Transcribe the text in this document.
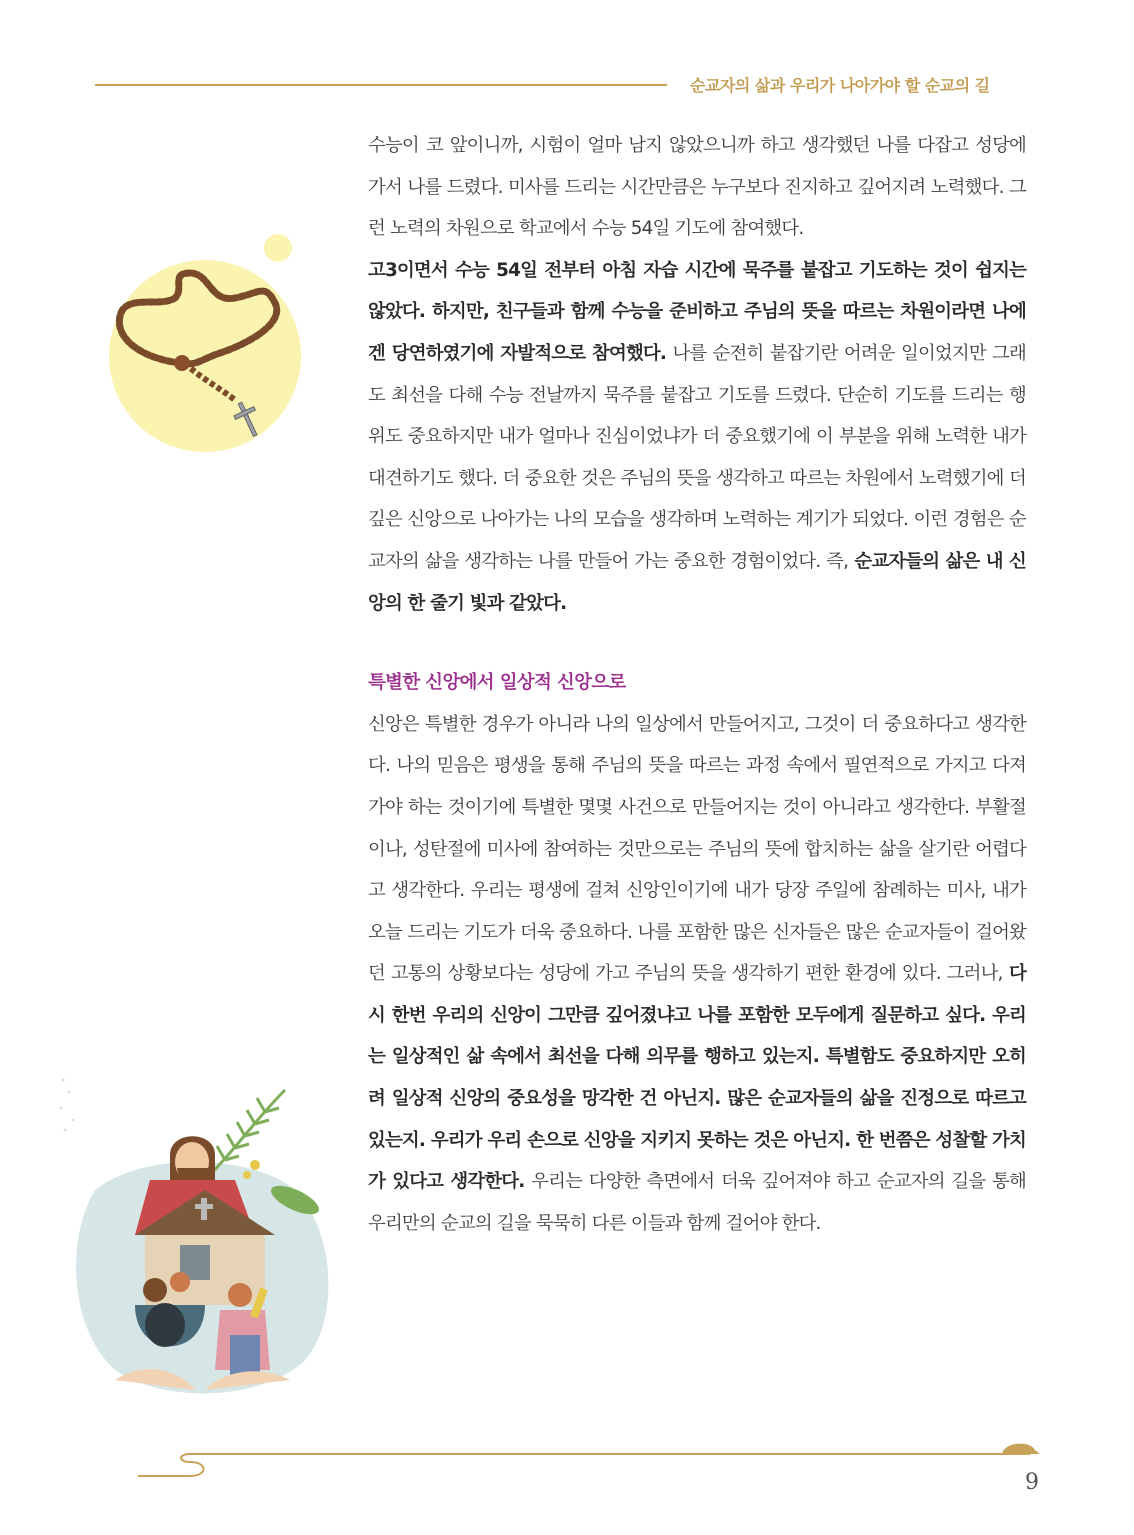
순교자의 삶과 우리가 나아가야 할 순교의 길

수능이 코 앞이니까, 시험이 얼마 남지 않았으니까 하고 생각했던 나를 다잡고 성당에 가서 나를 드렸다. 미사를 드리는 시간만큼은 누구보다 진지하고 깊어지려 노력했다. 그런 노력의 차원으로 학교에서 수능 54일 기도에 참여했다.

고3이면서 수능 54일 전부터 아침 자습 시간에 묵주를 붙잡고 기도하는 것이 쉽지는 않았다. 하지만, 친구들과 함께 수능을 준비하고 주님의 뜻을 따르는 차원이라면 나에겐 당연하였기에 자발적으로 참여했다. 나를 순전히 붙잡기란 어려운 일이었지만 그래도 최선을 다해 수능 전날까지 묵주를 붙잡고 기도를 드렸다. 단순히 기도를 드리는 행위도 중요하지만 내가 얼마나 진심이었냐가 더 중요했기에 이 부분을 위해 노력한 내가 대견하기도 했다. 더 중요한 것은 주님의 뜻을 생각하고 따르는 차원에서 노력했기에 더 깊은 신앙으로 나아가는 나의 모습을 생각하며 노력하는 계기가 되었다. 이런 경험은 순교자의 삶을 생각하는 나를 만들어 가는 중요한 경험이었다. 즉, 순교자들의 삶은 내 신앙의 한 줄기 빛과 같았다.

특별한 신앙에서 일상적 신앙으로

신앙은 특별한 경우가 아니라 나의 일상에서 만들어지고, 그것이 더 중요하다고 생각한다. 나의 믿음은 평생을 통해 주님의 뜻을 따르는 과정 속에서 필연적으로 가지고 다져가야 하는 것이기에 특별한 몇몇 사건으로 만들어지는 것이 아니라고 생각한다. 부활절이나, 성탄절에 미사에 참여하는 것만으로는 주님의 뜻에 합치하는 삶을 살기란 어렵다고 생각한다. 우리는 평생에 걸쳐 신앙인이기에 내가 당장 주일에 참례하는 미사, 내가 오늘 드리는 기도가 더욱 중요하다. 나를 포함한 많은 신자들은 많은 순교자들이 걸어왔던 고통의 상황보다는 성당에 가고 주님의 뜻을 생각하기 편한 환경에 있다. 그러나, 다시 한번 우리의 신앙이 그만큼 깊어졌냐고 나를 포함한 모두에게 질문하고 싶다. 우리는 일상적인 삶 속에서 최선을 다해 의무를 행하고 있는지. 특별함도 중요하지만 오히려 일상적 신앙의 중요성을 망각한 건 아닌지. 많은 순교자들의 삶을 진정으로 따르고 있는지. 우리가 우리 손으로 신앙을 지키지 못하는 것은 아닌지. 한 번쯤은 성찰할 가치가 있다고 생각한다. 우리는 다양한 측면에서 더욱 깊어져야 하고 순교자의 길을 통해 우리만의 순교의 길을 묵묵히 다른 이들과 함께 걸어야 한다.

9
